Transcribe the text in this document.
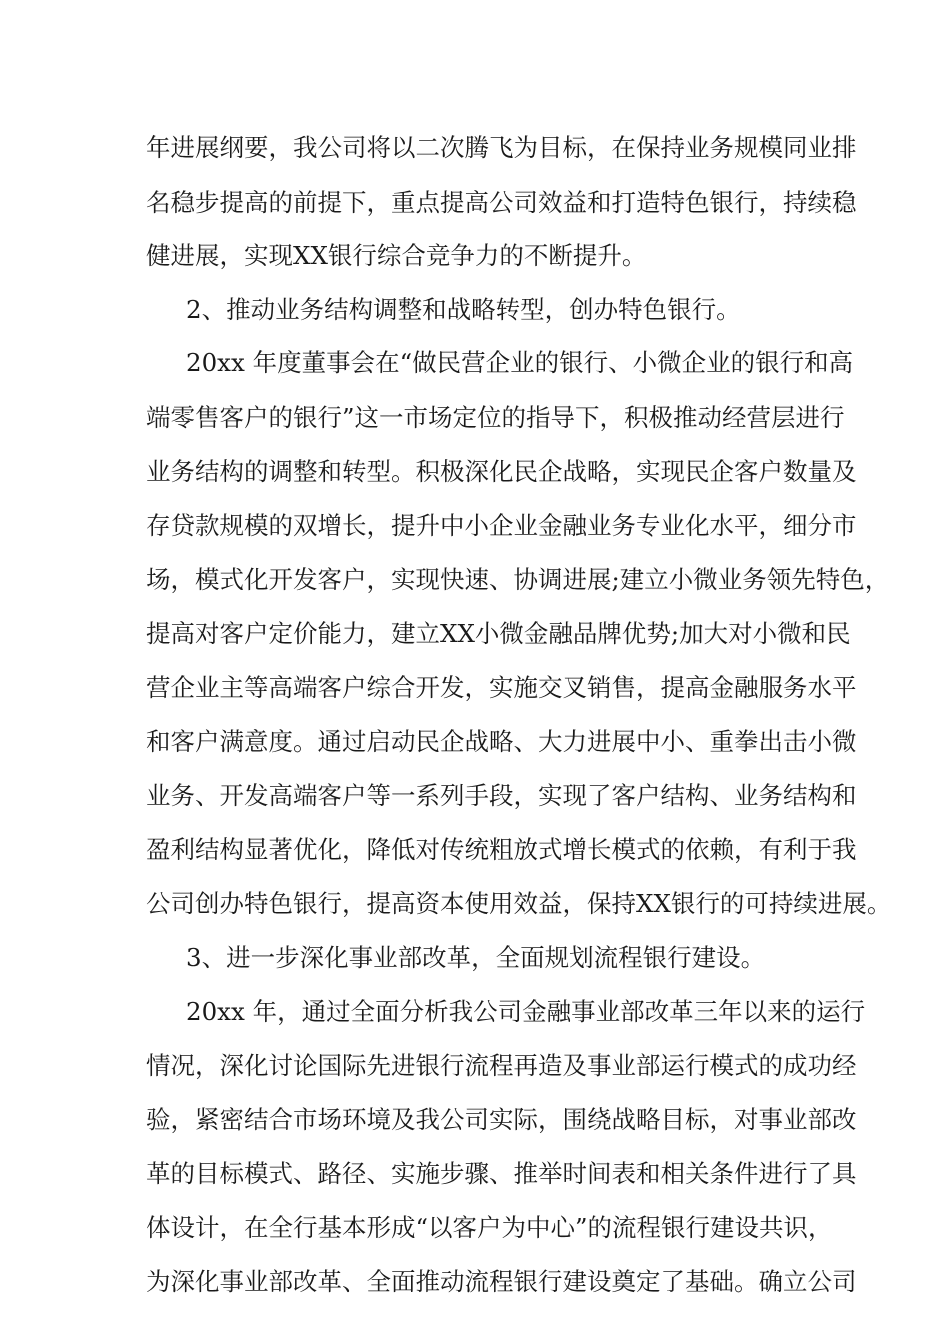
年进展纲要，我公司将以二次腾飞为目标，在保持业务规模同业排
名稳步提高的前提下，重点提高公司效益和打造特色银行，持续稳
健进展，实现XX银行综合竞争力的不断提升。
2、推动业务结构调整和战略转型，创办特色银行。
20xx 年度董事会在“做民营企业的银行、小微企业的银行和高
端零售客户的银行”这一市场定位的指导下，积极推动经营层进行
业务结构的调整和转型。积极深化民企战略，实现民企客户数量及
存贷款规模的双增长，提升中小企业金融业务专业化水平，细分市
场，模式化开发客户，实现快速、协调进展;建立小微业务领先特色，
提高对客户定价能力，建立XX小微金融品牌优势;加大对小微和民
营企业主等高端客户综合开发，实施交叉销售，提高金融服务水平
和客户满意度。通过启动民企战略、大力进展中小、重拳出击小微
业务、开发高端客户等一系列手段，实现了客户结构、业务结构和
盈利结构显著优化，降低对传统粗放式增长模式的依赖，有利于我
公司创办特色银行，提高资本使用效益，保持XX银行的可持续进展。
3、进一步深化事业部改革，全面规划流程银行建设。
20xx 年，通过全面分析我公司金融事业部改革三年以来的运行
情况，深化讨论国际先进银行流程再造及事业部运行模式的成功经
验，紧密结合市场环境及我公司实际，围绕战略目标，对事业部改
革的目标模式、路径、实施步骤、推举时间表和相关条件进行了具
体设计，在全行基本形成“以客户为中心”的流程银行建设共识，
为深化事业部改革、全面推动流程银行建设奠定了基础。确立公司
